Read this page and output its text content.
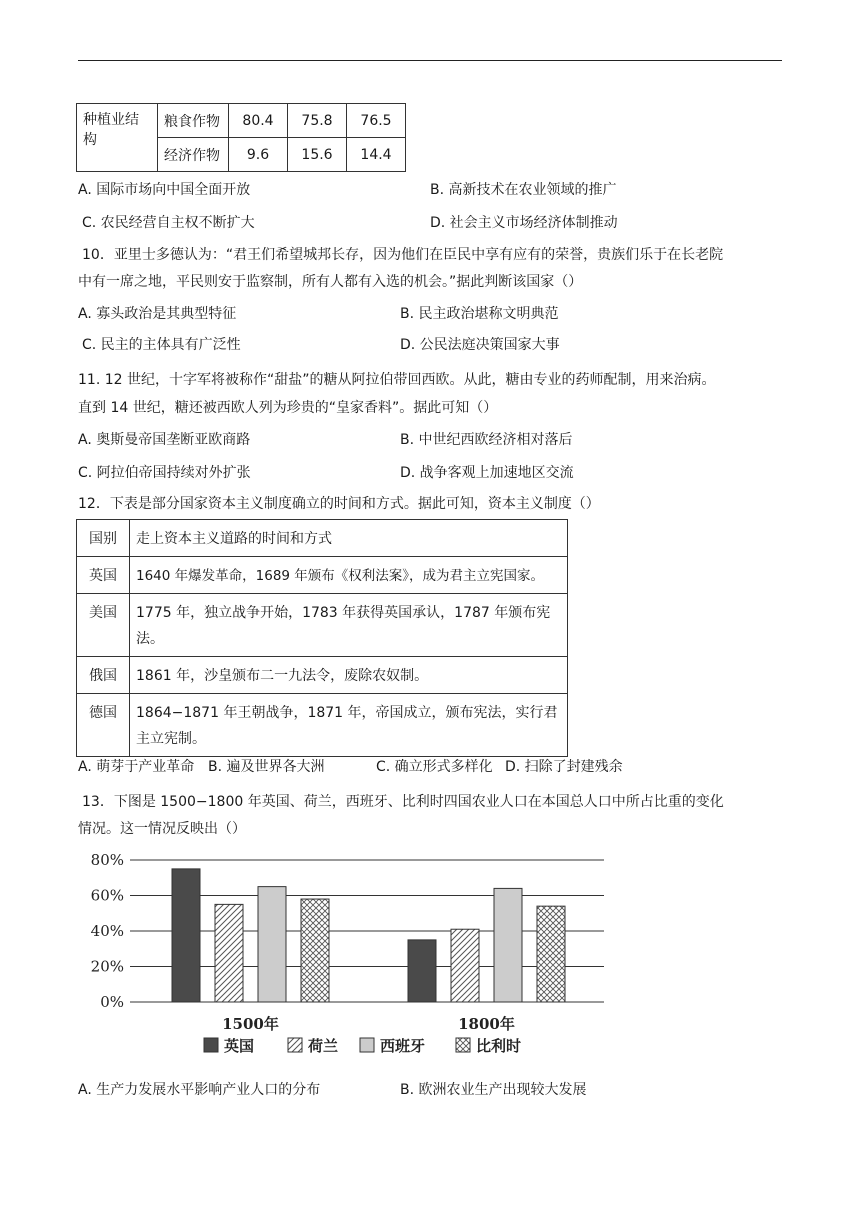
种植业结构	粮食作物	80.4	75.8	76.5
	经济作物	9.6	15.6	14.4
A. 国际市场向中国全面开放	B. 高新技术在农业领域的推广
C. 农民经营自主权不断扩大	D. 社会主义市场经济体制推动
10．亚里士多德认为：“君王们希望城邦长存，因为他们在臣民中享有应有的荣誉，贵族们乐于在长老院
中有一席之地，平民则安于监察制，所有人都有入选的机会。”据此判断该国家（）
A. 寡头政治是其典型特征	B. 民主政治堪称文明典范
C. 民主的主体具有广泛性	D. 公民法庭决策国家大事
11. 12 世纪，十字军将被称作“甜盐”的糖从阿拉伯带回西欧。从此，糖由专业的药师配制，用来治病。
直到 14 世纪，糖还被西欧人列为珍贵的“皇家香料”。据此可知（）
A. 奥斯曼帝国垄断亚欧商路	B. 中世纪西欧经济相对落后
C. 阿拉伯帝国持续对外扩张	D. 战争客观上加速地区交流
12．下表是部分国家资本主义制度确立的时间和方式。据此可知，资本主义制度（）
国别	走上资本主义道路的时间和方式
英国	1640 年爆发革命，1689 年颁布《权利法案》，成为君主立宪国家。
美国	1775 年，独立战争开始，1783 年获得英国承认，1787 年颁布宪法。
俄国	1861 年，沙皇颁布二一九法令，废除农奴制。
德国	1864−1871 年王朝战争，1871 年，帝国成立，颁布宪法，实行君主立宪制。
A. 萌芽于产业革命 B. 遍及世界各大洲	C. 确立形式多样化 D. 扫除了封建残余
13．下图是 1500−1800 年英国、荷兰，西班牙、比利时四国农业人口在本国总人口中所占比重的变化
情况。这一情况反映出（）
0%
20%
40%
60%
80%
1500年	1800年
英国	荷兰	西班牙	比利时
A. 生产力发展水平影响产业人口的分布	B. 欧洲农业生产出现较大发展
